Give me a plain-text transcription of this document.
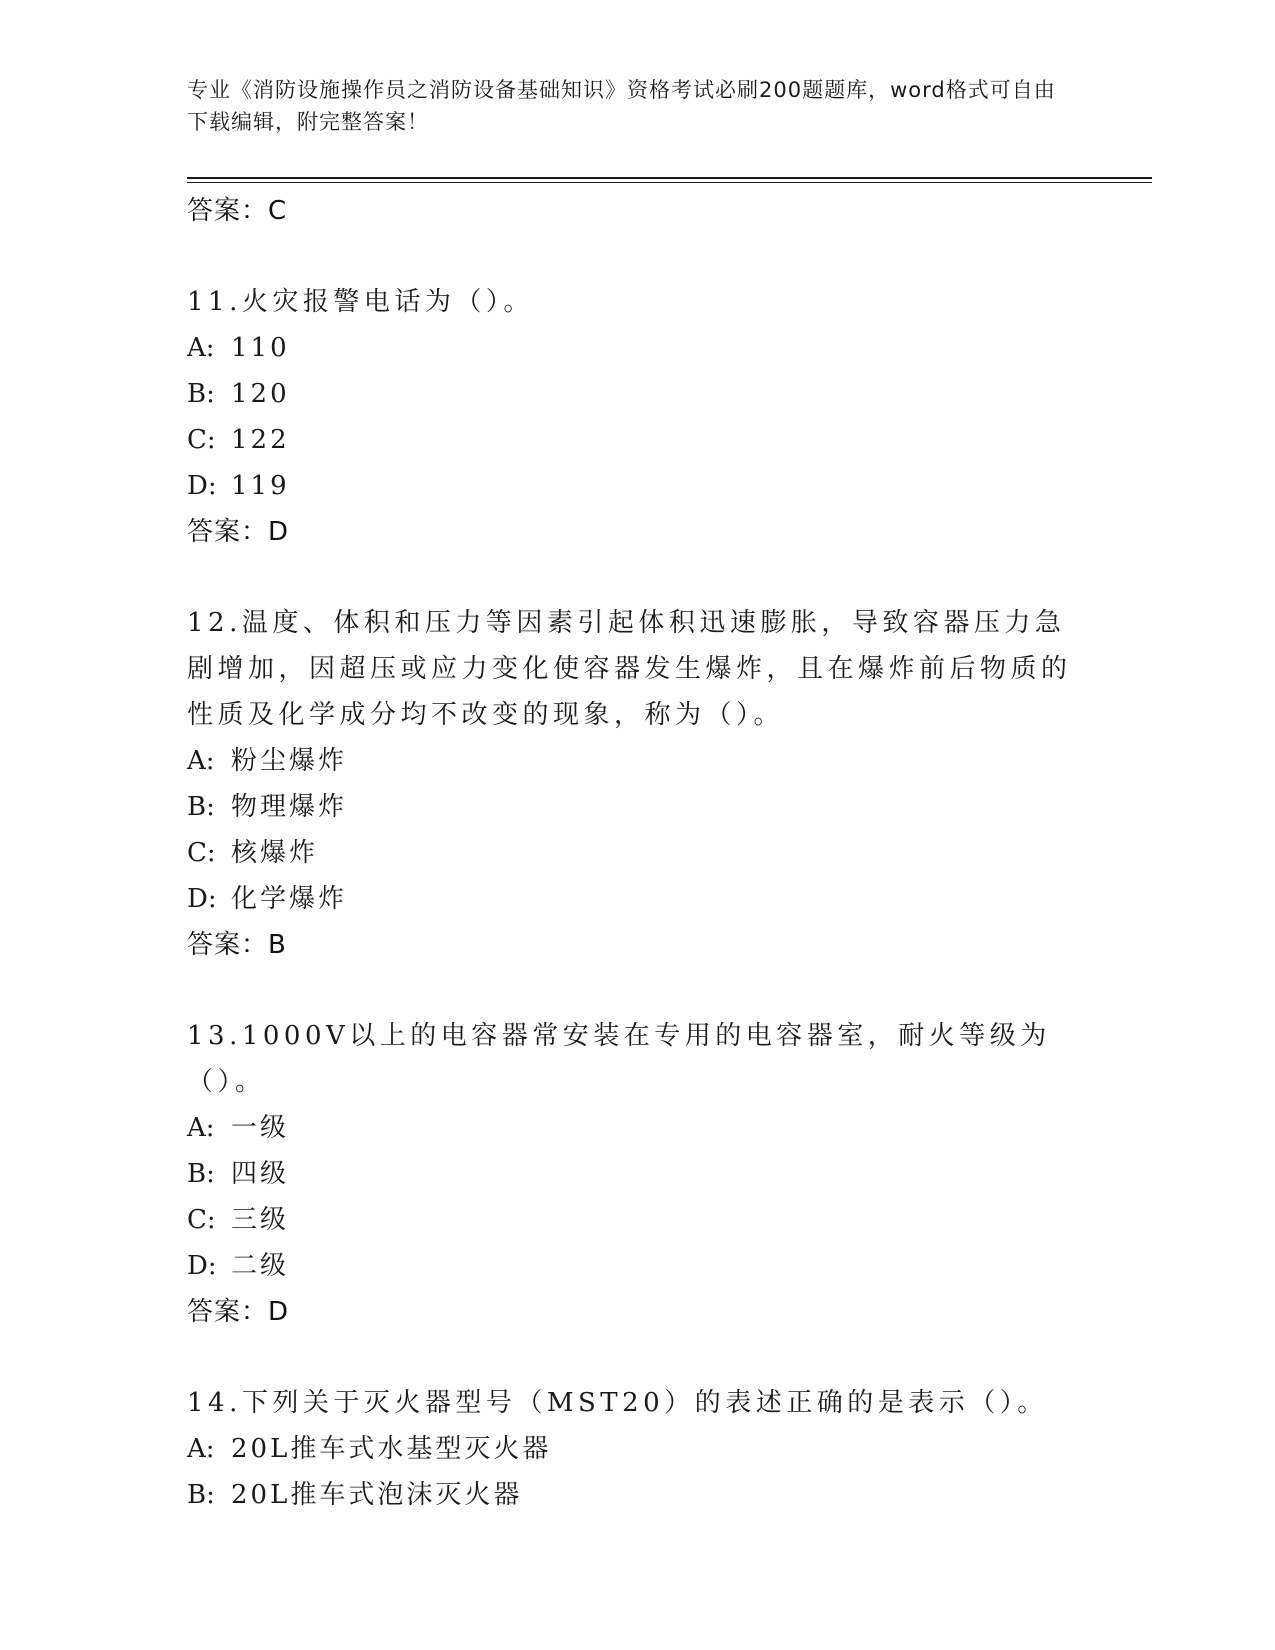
专业《消防设施操作员之消防设备基础知识》资格考试必刷200题题库，word格式可自由下载编辑，附完整答案！
答案：C
11.火灾报警电话为（）。
A: 110
B: 120
C: 122
D: 119
答案：D
12.温度、体积和压力等因素引起体积迅速膨胀，导致容器压力急剧增加，因超压或应力变化使容器发生爆炸，且在爆炸前后物质的性质及化学成分均不改变的现象，称为（）。
A: 粉尘爆炸
B: 物理爆炸
C: 核爆炸
D: 化学爆炸
答案：B
13.1000V以上的电容器常安装在专用的电容器室，耐火等级为（）。
A: 一级
B: 四级
C: 三级
D: 二级
答案：D
14.下列关于灭火器型号（MST20）的表述正确的是表示（）。
A: 20L推车式水基型灭火器
B: 20L推车式泡沫灭火器
